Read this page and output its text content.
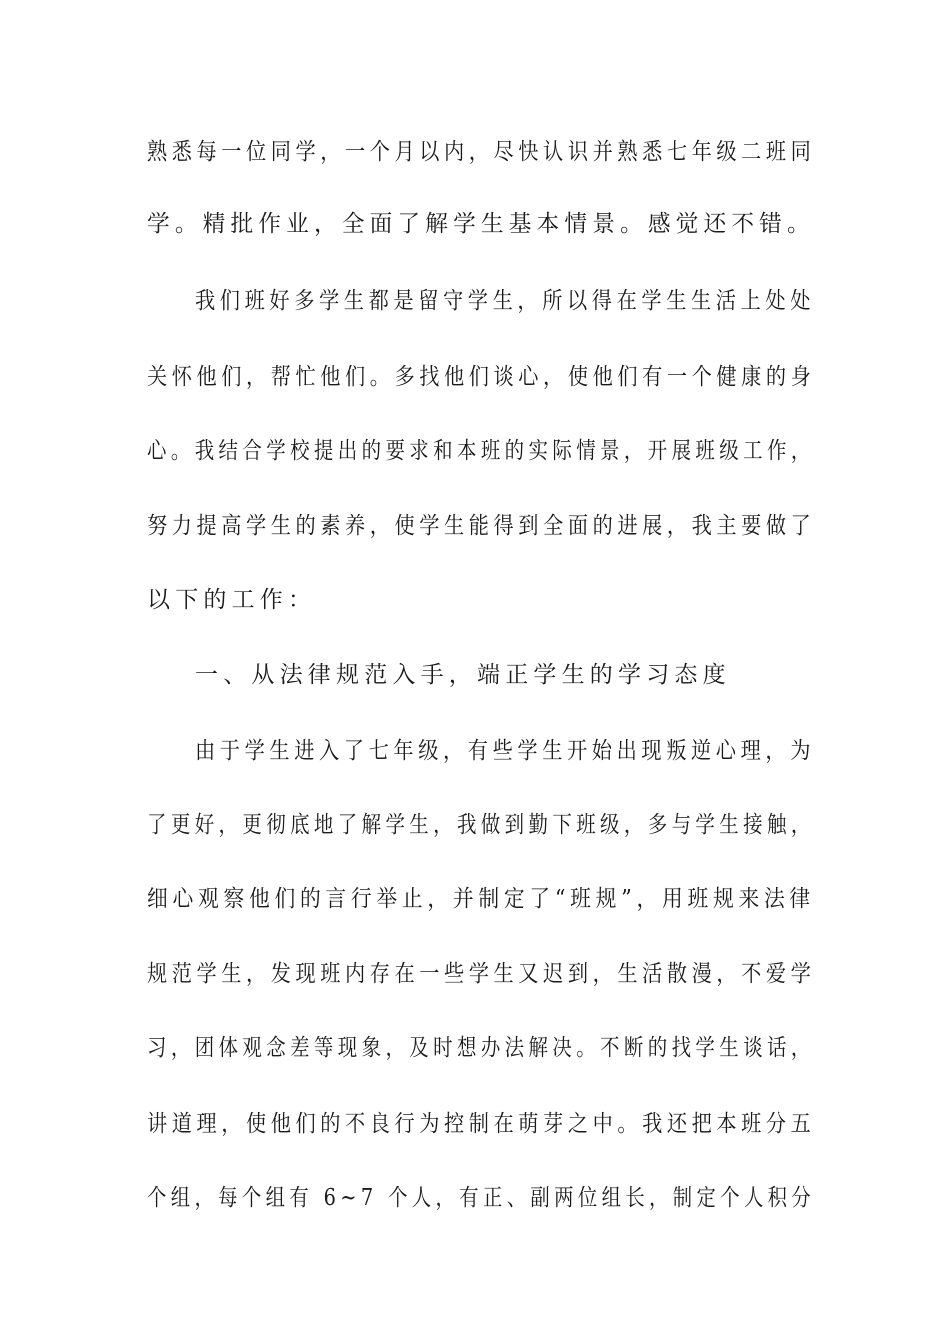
熟悉每一位同学，一个月以内，尽快认识并熟悉七年级二班同
学。精批作业，全面了解学生基本情景。感觉还不错。
我们班好多学生都是留守学生，所以得在学生生活上处处
关怀他们，帮忙他们。多找他们谈心，使他们有一个健康的身
心。我结合学校提出的要求和本班的实际情景，开展班级工作，
努力提高学生的素养，使学生能得到全面的进展，我主要做了
以下的工作：
一、从法律规范入手，端正学生的学习态度
由于学生进入了七年级，有些学生开始出现叛逆心理，为
了更好，更彻底地了解学生，我做到勤下班级，多与学生接触，
细心观察他们的言行举止，并制定了“班规”，用班规来法律
规范学生，发现班内存在一些学生又迟到，生活散漫，不爱学
习，团体观念差等现象，及时想办法解决。不断的找学生谈话，
讲道理，使他们的不良行为控制在萌芽之中。我还把本班分五
个组，每个组有 6~7 个人，有正、副两位组长，制定个人积分
